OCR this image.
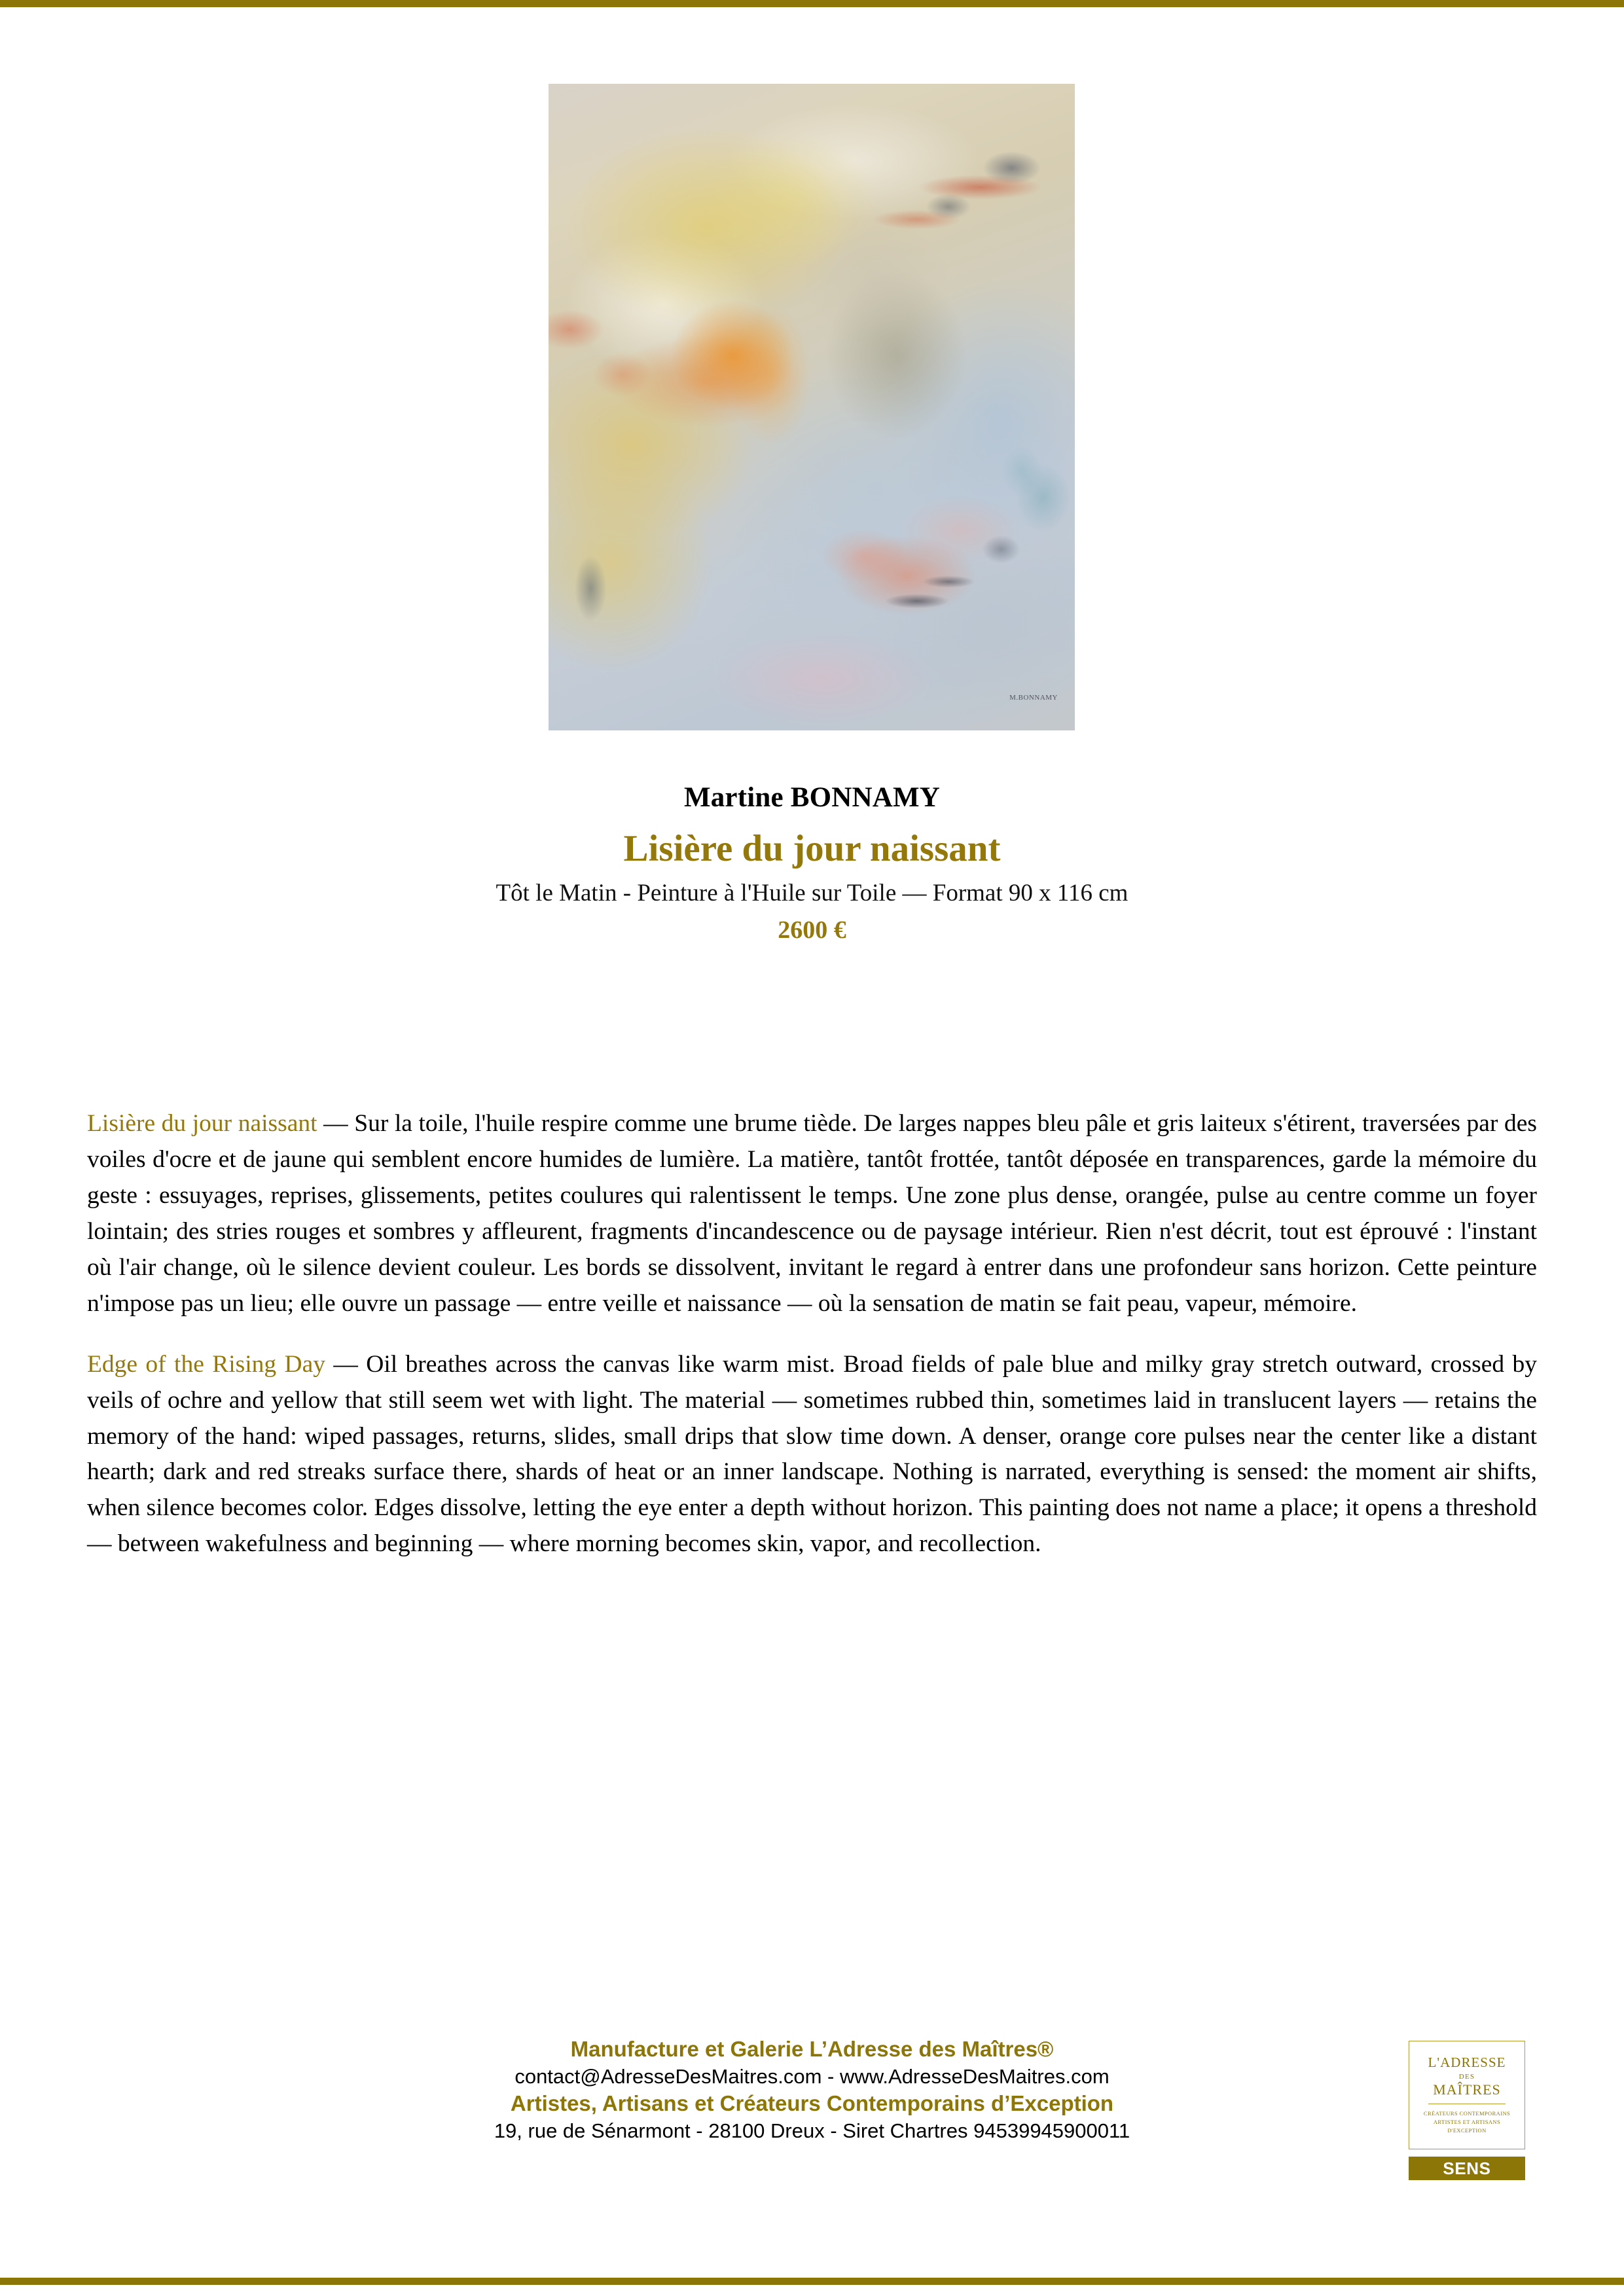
M.BONNAMY
Martine BONNAMY
Lisière du jour naissant
Tôt le Matin - Peinture à l'Huile sur Toile — Format 90 x 116 cm
2600 €

Lisière du jour naissant — Sur la toile, l'huile respire comme une brume tiède. De larges nappes bleu pâle et gris laiteux s'étirent, traversées par des voiles d'ocre et de jaune qui semblent encore humides de lumière. La matière, tantôt frottée, tantôt déposée en transparences, garde la mémoire du geste : essuyages, reprises, glissements, petites coulures qui ralentissent le temps. Une zone plus dense, orangée, pulse au centre comme un foyer lointain; des stries rouges et sombres y affleurent, fragments d'incandescence ou de paysage intérieur. Rien n'est décrit, tout est éprouvé : l'instant où l'air change, où le silence devient couleur. Les bords se dissolvent, invitant le regard à entrer dans une profondeur sans horizon. Cette peinture n'impose pas un lieu; elle ouvre un passage — entre veille et naissance — où la sensation de matin se fait peau, vapeur, mémoire.

Edge of the Rising Day — Oil breathes across the canvas like warm mist. Broad fields of pale blue and milky gray stretch outward, crossed by veils of ochre and yellow that still seem wet with light. The material — sometimes rubbed thin, sometimes laid in translucent layers — retains the memory of the hand: wiped passages, returns, slides, small drips that slow time down. A denser, orange core pulses near the center like a distant hearth; dark and red streaks surface there, shards of heat or an inner landscape. Nothing is narrated, everything is sensed: the moment air shifts, when silence becomes color. Edges dissolve, letting the eye enter a depth without horizon. This painting does not name a place; it opens a threshold — between wakefulness and beginning — where morning becomes skin, vapor, and recollection.

Manufacture et Galerie L’Adresse des Maîtres®
contact@AdresseDesMaitres.com - www.AdresseDesMaitres.com
Artistes, Artisans et Créateurs Contemporains d’Exception
19, rue de Sénarmont - 28100 Dreux - Siret Chartres 94539945900011
L'ADRESSE
DES
MAÎTRES
CRÉATEURS CONTEMPORAINS
ARTISTES ET ARTISANS
D'EXCEPTION
SENS
